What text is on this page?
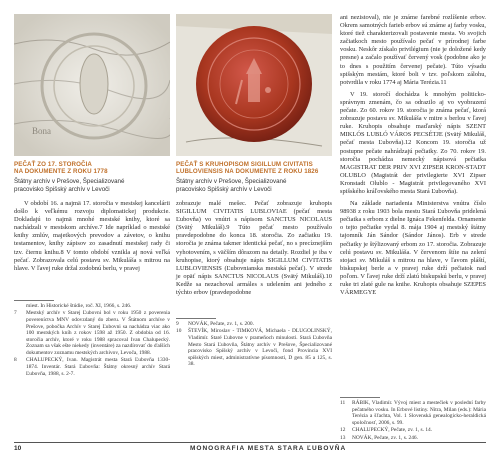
Bona
PEČAŤ ZO 17. STOROČIA
NA DOKUMENTE Z ROKU 1778
Štátny archív v Prešove, Špecializované
pracovisko Spišský archív v Levoči
PEČAŤ S KRUHOPISOM SIGILLUM CIVITATIS
LUBLOVIENSIS NA DOKUMENTE Z ROKU 1826
Štátny archív v Prešove, Špecializované
pracovisko Spišský archív v Levoči

V období 16. a najmä 17. storočia v mestskej kancelárii došlo k veľkému rozvoju diplomatickej produkcie. Dokladajú to najmä mnohé mestské knihy, ktoré sa nachádzali v mestskom archíve.7 Ide napríklad o mestské knihy zmlúv, majetkových prevodov a závetov, o knihu testamentov, knihy zápisov zo zasadnutí mestskej rady či tzv. čiernu knihu.8 V tomto období vznikla aj nová veľká pečať. Zobrazovala celú postavu sv. Mikuláša s mitrou na hlave. V ľavej ruke držal zodobnú berlu, v pravej

miest. In Historické štúdie, roč. XI, 1966, s. 246.
7	Mestský archív v Starej Ľubovni bol v roku 1950 z poverenia povereníctva MNV odovzdaný do zberu. V Štátnom archíve v Prešove, pobočka Archív v Starej Ľubovni sa nachádza viac ako 100 mestských kníh z rokov 1598 až 1950. Z obdobia od 16. storočia archív, ktoré v roku 1988 spracoval Ivan Chalupecký. Zoznam sa však ešte niekedy (inventáre) za nazdírovať do ďalších dokumentov zoznamu mestských archivov, Levoča, 1988.
8	CHALUPECKÝ, Ivan. Magistrát mesta Stará Ľubovňa 1330-1874. Inventár. Stará Ľubovňa: Štátny okresný archív Stará Ľubovňa, 1988, s. 2-7.

zobrazuje malé mešec. Pečať zobrazuje kruhopis SIGILLUM CIVITATIS LUBLOVIAE (pečať mesta Ľubovňa) vo vnútri s nápisom SANCTUS NICOLAUS (Svätý Mikuláš).9 Túto pečať mesto používalo pravdepodobne do konca 18. storočia. Zo začiatku 19. storočia je známa takmer identická pečať, no s precíznejším vyhotovením, s väčším dôrazom na detaily. Rozdiel je iba v kruhopise, ktorý obsahuje nápis SIGILLUM CIVITATIS LUBLOVIENSIS (Ľubovnianska mestská pečať). V strede je opäť nápis SANCTUS NICOLAUS (Svätý Mikuláš).10 Kedže sa nezachoval armáles s udelením ani jedného z týchto erbov (pravdepodobne

9	NOVÁK, Pečate, zv. 1, s. 200.
10	ŠTEVÍK, Miroslav - TIMKOVÁ, Michaela - DLUGOLINSKÝ, Vladimír. Staré Ľubovne v prameňoch minulosti. Stará Ľubovňa Mesto Stará Ľubovňa, Štátny archív v Prešove, Špecializované pracovisko Spišský archív v Levoči, fond Provincia XVI spišských miest, administratívne písomnosti, D gen. 85 a 125, s. 38.

ani nezistoval), nie je známe farebné rozlíšenie erbov. Okrem samotných farieb erbov sú známe aj farby vosku, ktoré tiež charakterizovali postavenie mesta. Vo svojich začiatkoch mesto používalo pečať v prírodnej farbe vosku. Neskôr získalo privilégium (nie je doložené kedy presne) a začalo používať červený vosk (podobne ako je to dnes s použitím červenej pečate). Túto výsadu spišským mestám, ktoré boli v tzv. poľskom zálohu, potvrdila v roku 1774 aj Mária Terézia.11

V 19. storočí dochádza k mnohým politicko-správnym zmenám, čo sa odrazilo aj vo vyobrazení pečate. Zo 60. rokov 19. storočia je známa pečať, ktorá zobrazuje postavu sv. Mikuláša v mitre s berlou v ľavej ruke. Kruhopis obsahuje maďarský nápis SZENT MIKLÓS LUBLÓ VÁROS PECSÉTJE (Svätý Mikuláš, pečať mesta Ľubovňa).12 Koncom 19. storočia už postupne pečate nahrádzajú pečiatky. Zo 70. rokov 19. storočia pochádza nemecký nápisová pečiatka MAGISTRAT DER PRIV XVI ZIPSER KRON-STADT OLUBLO (Magistrát der privilegierte XVI Zipser Kronstadt Olublo - Magistrát privilegovaného XVI spišského kráľovského mesta Stará Ľubovňa).

Na základe nariadenia Ministerstva vnútra číslo 98938 z roku 1903 bola mestu Stará Ľubovňa pridelená pečiatka s erbom z dielne Ignáca Fekenfelda. Ornamenie o tejto pečiatke vydal 8. mája 1904 aj mestský štátny tajomník Ján Sándor (Sándor János). Erb v strede pečiatky je štýlizovaný erbom zo 17. storočia. Zobrazuje celú postavu sv. Mikuláša. V červenom štíte na zelení stojaci sv. Mikuláš s mitrou na hlave, v ľavom pláští, biskupskej berle a v pravej ruke drží pečiatok nad poľom. V ľavej ruke drží zlatú biskupskú berlu, v pravej ruke tri zlaté gule na knihe. Kruhopis obsahuje SZEPES VÁRMEGYE

11	RÁBIK, Vladimír. Vývoj miest a mestečiek v poslední farby pečatného vosku. In Erbové listiny. Nitra, Milan (eds.): Mária Terézia a šľachta, Vol. 1 Slovenská genealogicko-heraldická spoločnosť, 2006, s. 99.
12	CHALUPECKÝ, Pečate, zv. 1, s. 14.
13	NOVÁK, Pečate, zv. 1, s. 246.
10	MONOGRAFIA MESTA STARA ĽUBOVŇA
